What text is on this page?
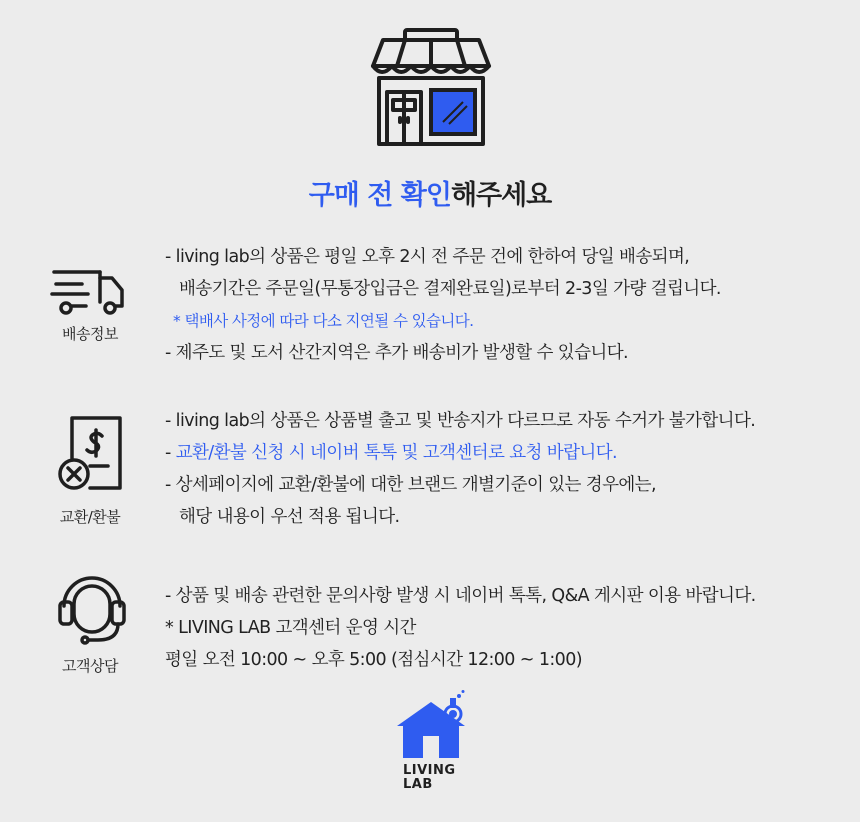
구매 전 확인해주세요
배송정보
- living lab의 상품은 평일 오후 2시 전 주문 건에 한하여 당일 배송되며,
배송기간은 주문일(무통장입금은 결제완료일)로부터 2-3일 가량 걸립니다.
* 택배사 사정에 따라 다소 지연될 수 있습니다.
- 제주도 및 도서 산간지역은 추가 배송비가 발생할 수 있습니다.
교환/환불
- living lab의 상품은 상품별 출고 및 반송지가 다르므로 자동 수거가 불가합니다.
- 교환/환불 신청 시 네이버 톡톡 및 고객센터로 요청 바랍니다.
- 상세페이지에 교환/환불에 대한 브랜드 개별기준이 있는 경우에는,
해당 내용이 우선 적용 됩니다.
고객상담
- 상품 및 배송 관련한 문의사항 발생 시 네이버 톡톡, Q&A 게시판 이용 바랍니다.
* LIVING LAB 고객센터 운영 시간
평일 오전 10:00 ~ 오후 5:00 (점심시간 12:00 ~ 1:00)
LIVING
LAB
